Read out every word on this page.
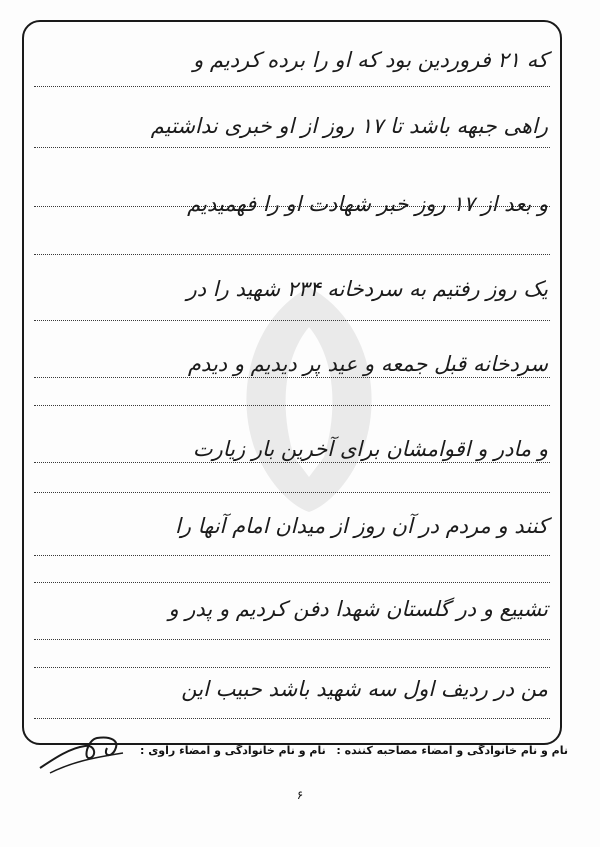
که ۲۱ فروردین بود که او را برده کردیم و
راهی جبهه باشد تا ۱۷ روز از او خبری نداشتیم
و بعد از ۱۷ روز خبر شهادت او را فهمیدیم
یک روز رفتیم به سردخانه ۲۳۴ شهید را در
سردخانه قبل جمعه و عید پر دیدیم و دیدم
و مادر و اقوامشان برای آخرین بار زیارت
کنند و مردم در آن روز از میدان امام آنها را
تشییع و در گلستان شهدا دفن کردیم و پدر و
من در ردیف اول سه شهید باشد حبیب این
نام و نام خانوادگی و امضاء مصاحبه کننده :
نام و نام خانوادگی و امضاء راوی :
۶
